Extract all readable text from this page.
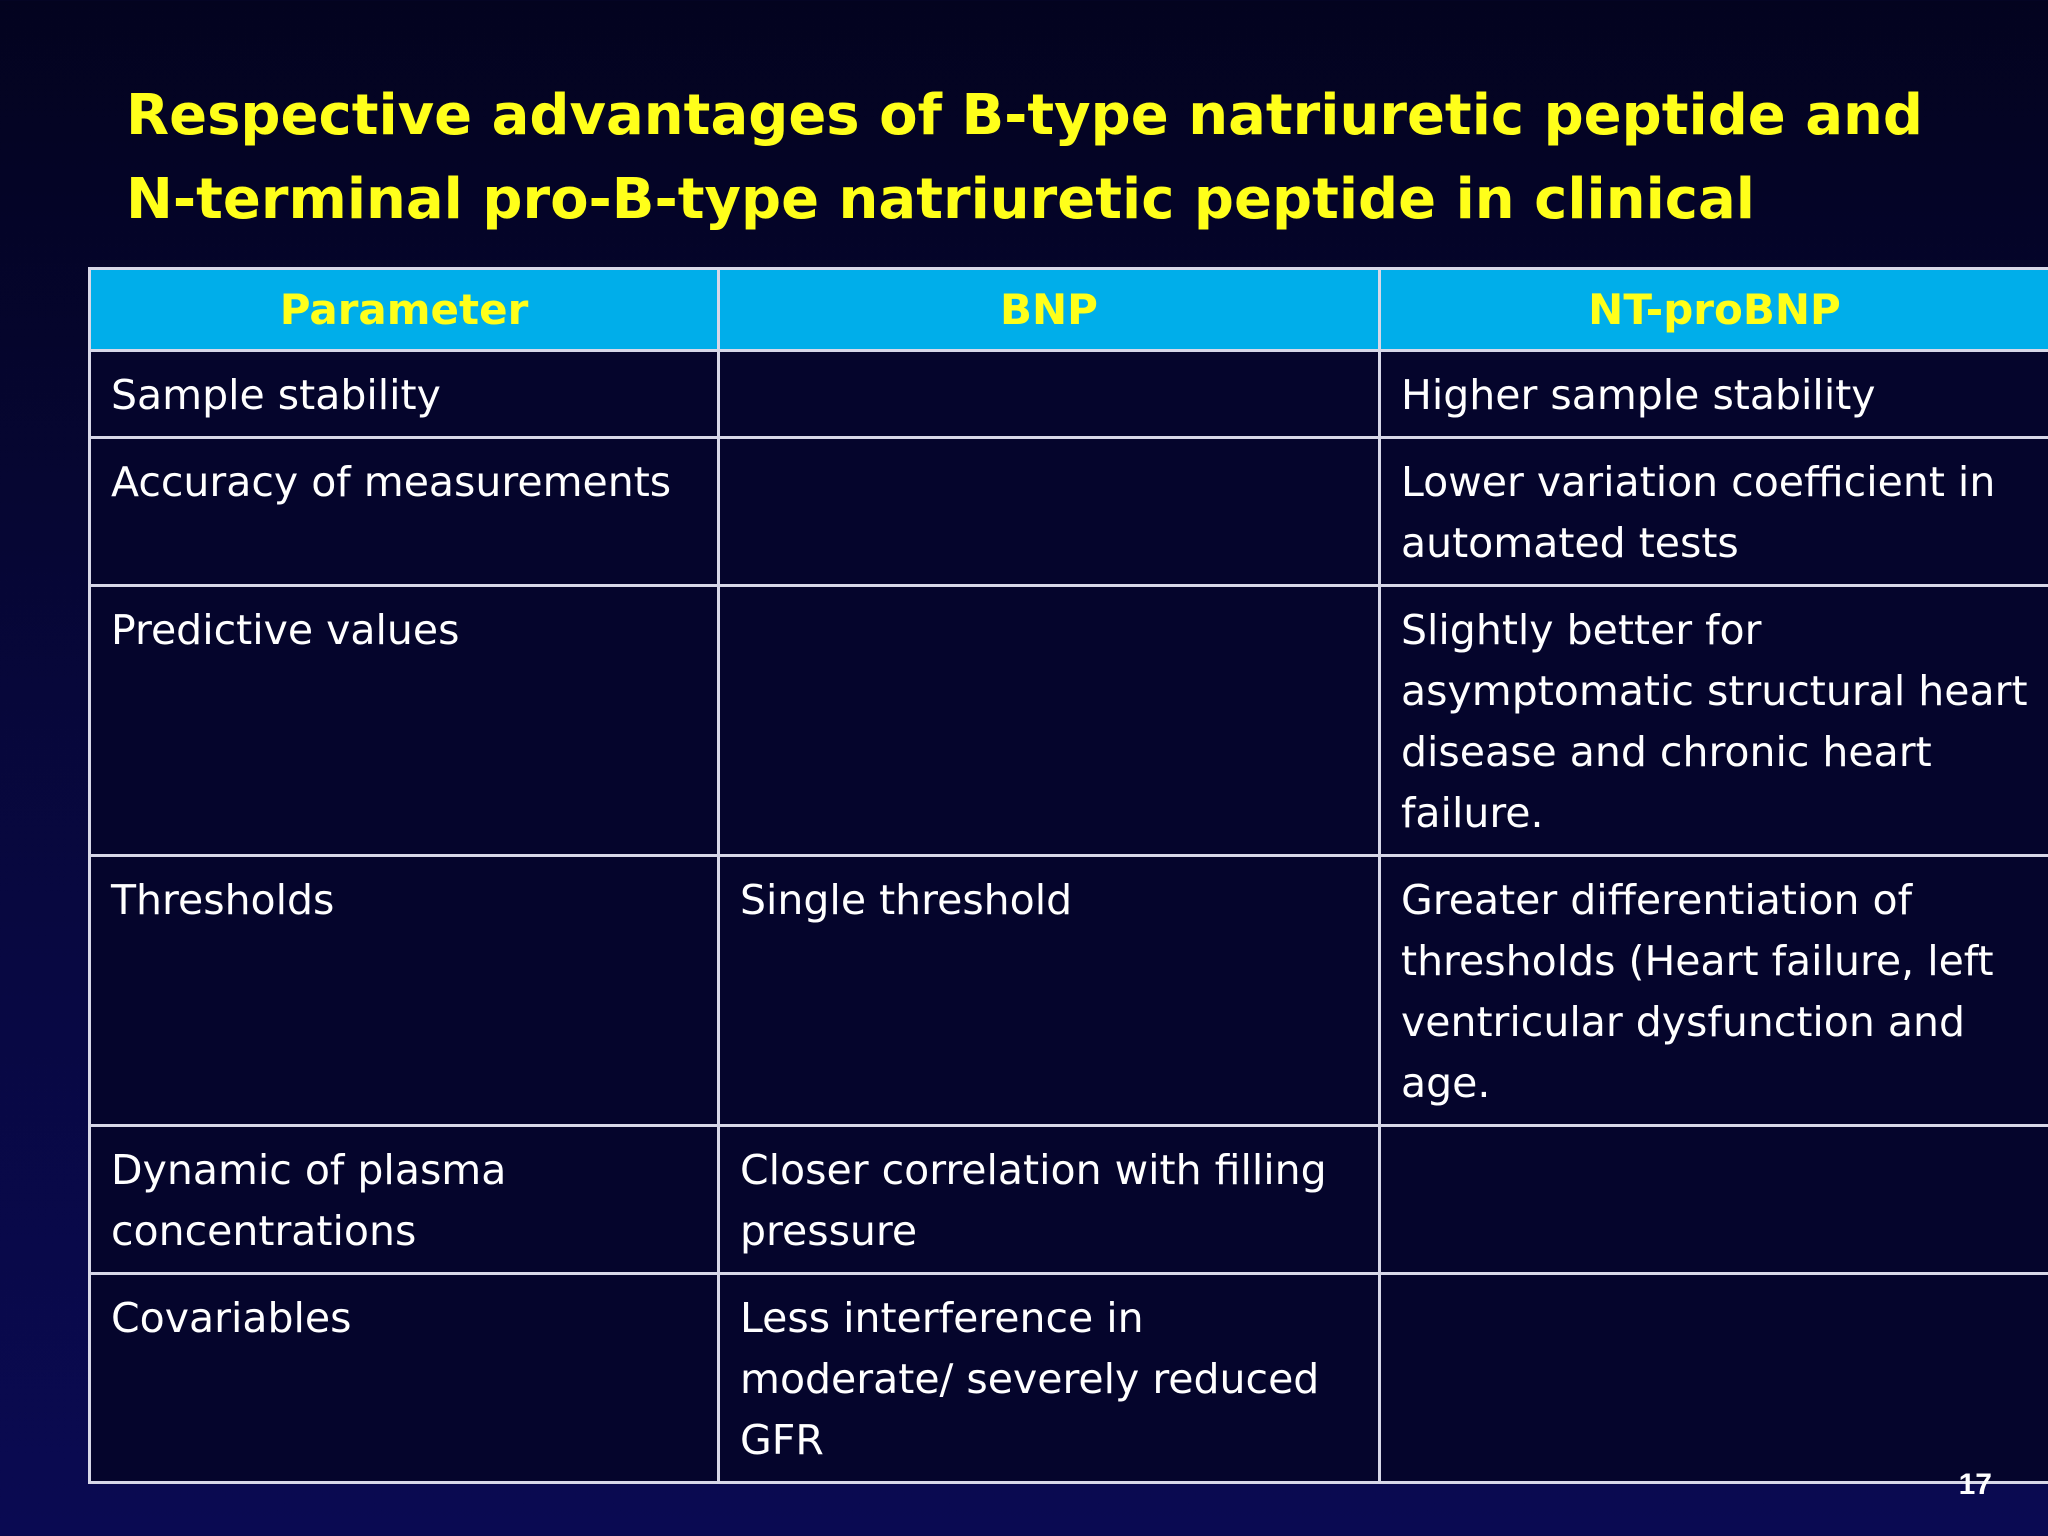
Respective advantages of B-type natriuretic peptide and N-terminal pro-B-type natriuretic peptide in clinical
Parameter	BNP	NT-proBNP
Sample stability		Higher sample stability
Accuracy of measurements		Lower variation coefficient in automated tests
Predictive values		Slightly better for asymptomatic structural heart disease and chronic heart failure.
Thresholds	Single threshold	Greater differentiation of thresholds (Heart failure, left ventricular dysfunction and age.
Dynamic of plasma concentrations	Closer correlation with filling pressure	
Covariables	Less interference in moderate/ severely reduced GFR	
17
